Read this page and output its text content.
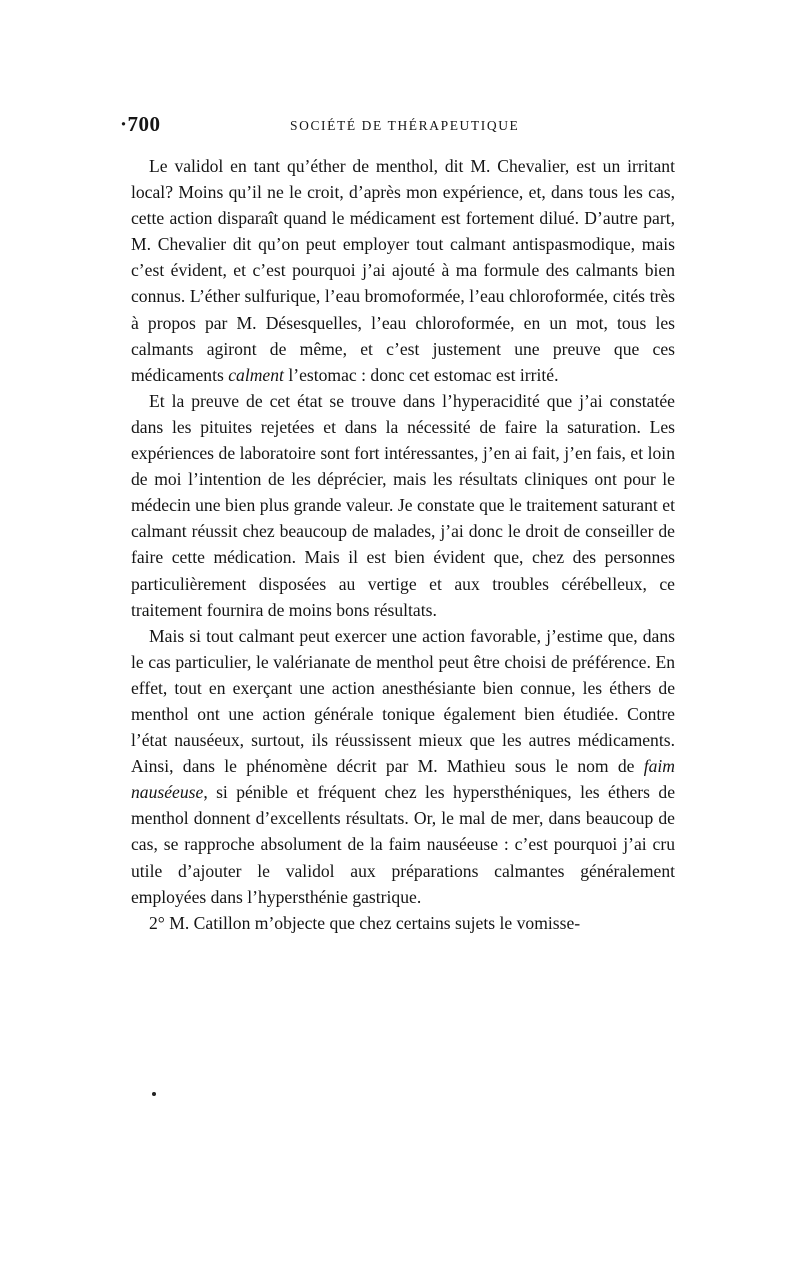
·700	SOCIÉTÉ DE THÉRAPEUTIQUE

Le validol en tant qu’éther de menthol, dit M. Chevalier, est un irritant local? Moins qu’il ne le croit, d’après mon expérience, et, dans tous les cas, cette action disparaît quand le médicament est fortement dilué. D’autre part, M. Chevalier dit qu’on peut employer tout calmant antispasmodique, mais c’est évident, et c’est pourquoi j’ai ajouté à ma formule des calmants bien connus. L’éther sulfurique, l’eau bromoformée, l’eau chloroformée, cités très à propos par M. Désesquelles, l’eau chloroformée, en un mot, tous les calmants agiront de même, et c’est justement une preuve que ces médicaments calment l’estomac : donc cet estomac est irrité.

Et la preuve de cet état se trouve dans l’hyperacidité que j’ai constatée dans les pituites rejetées et dans la nécessité de faire la saturation. Les expériences de laboratoire sont fort intéressantes, j’en ai fait, j’en fais, et loin de moi l’intention de les déprécier, mais les résultats cliniques ont pour le médecin une bien plus grande valeur. Je constate que le traitement saturant et calmant réussit chez beaucoup de malades, j’ai donc le droit de conseiller de faire cette médication. Mais il est bien évident que, chez des personnes particulièrement disposées au vertige et aux troubles cérébelleux, ce traitement fournira de moins bons résultats.

Mais si tout calmant peut exercer une action favorable, j’estime que, dans le cas particulier, le valérianate de menthol peut être choisi de préférence. En effet, tout en exerçant une action anesthésiante bien connue, les éthers de menthol ont une action générale tonique également bien étudiée. Contre l’état nauséeux, surtout, ils réussissent mieux que les autres médicaments. Ainsi, dans le phénomène décrit par M. Mathieu sous le nom de faim nauséeuse, si pénible et fréquent chez les hypersthéniques, les éthers de menthol donnent d’excellents résultats. Or, le mal de mer, dans beaucoup de cas, se rapproche absolument de la faim nauséeuse : c’est pourquoi j’ai cru utile d’ajouter le validol aux préparations calmantes généralement employées dans l’hypersthénie gastrique.

2° M. Catillon m’objecte que chez certains sujets le vomisse-
